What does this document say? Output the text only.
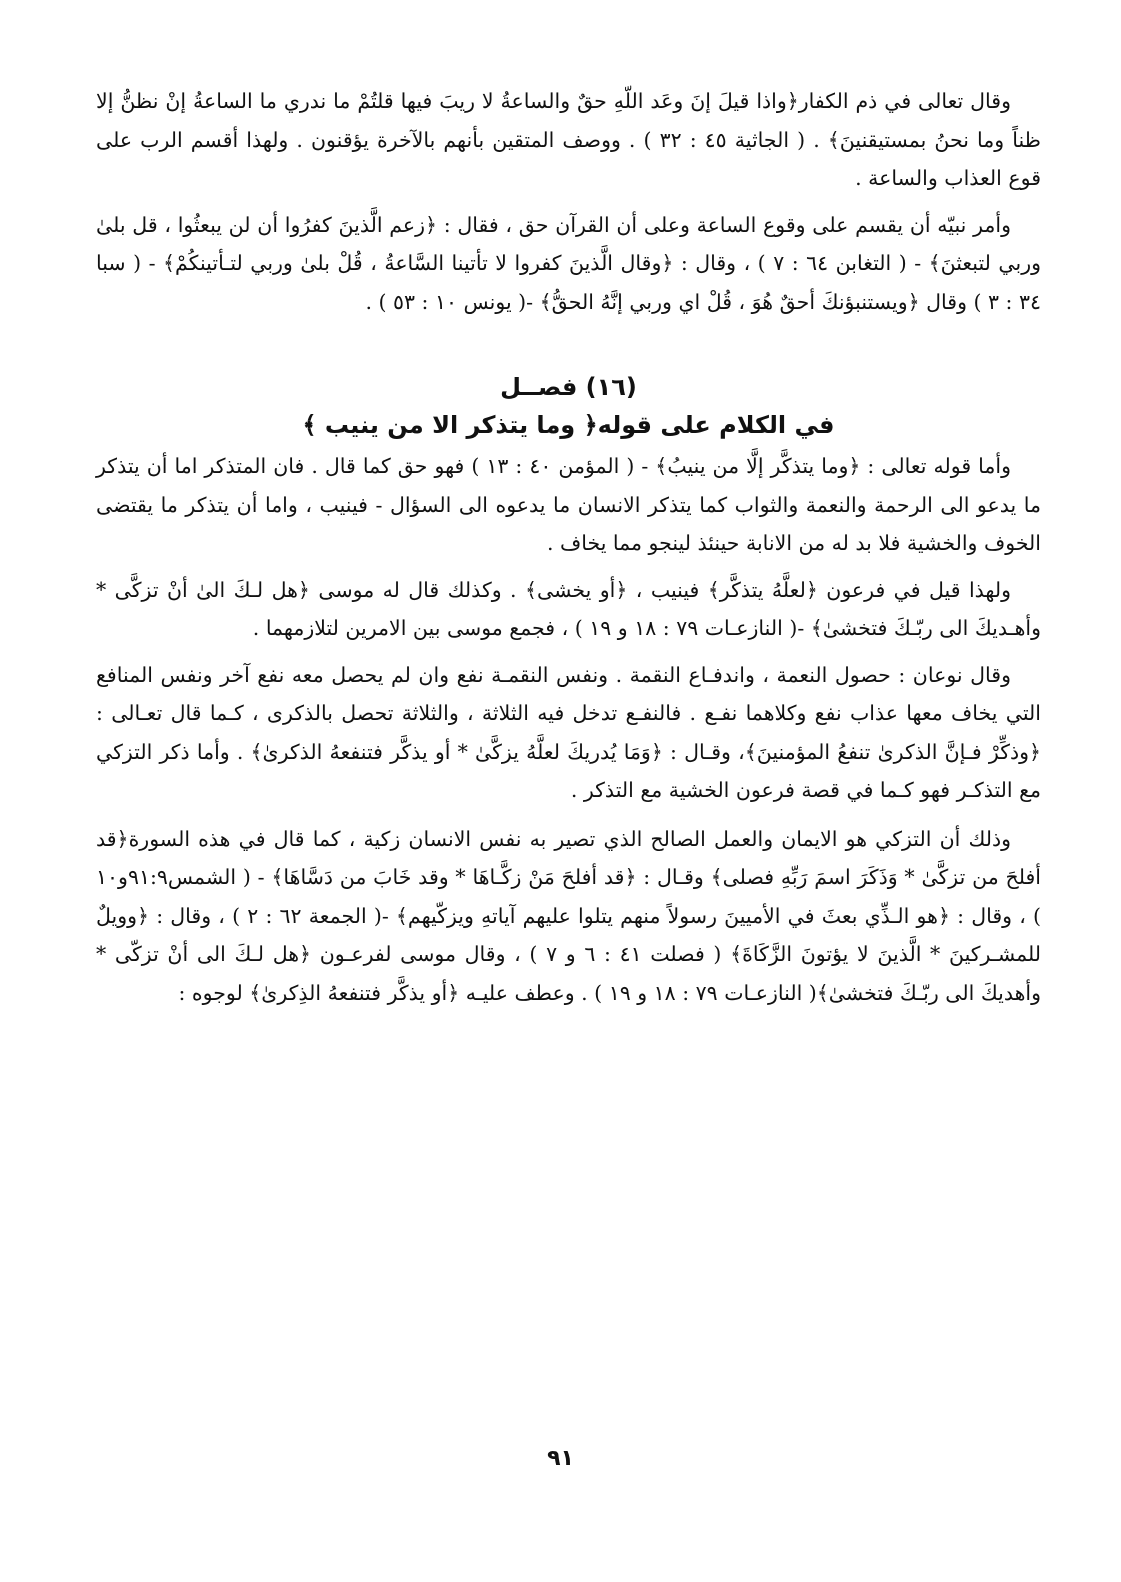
وقال تعالى في ذم الكفار﴿واذا قيلَ إنَ وعَد اللّهِ حقٌ والساعةُ لا ريبَ فيها قلتُمْ ما ندري ما الساعةُ إنْ نظنُّ إلا ظناً وما نحنُ بمستيقنينَ﴾ . ( الجاثية ٤٥ : ٣٢ ) . ووصف المتقين بأنهم بالآخرة يؤقنون . ولهذا أقسم الرب على قوع العذاب والساعة .

وأمر نبيّه أن يقسم على وقوع الساعة وعلى أن القرآن حق ، فقال : ﴿زعم الَّذينَ كفرُوا أن لن يبعثُوا ، قل بلىٰ وربي لتبعثنَ﴾ - ( التغابن ٦٤ : ٧ ) ، وقال : ﴿وقال الَّذينَ كفروا لا تأتينا السَّاعةُ ، قُلْ بلىٰ وربي لتـأتينكُمْ﴾ - ( سبا ٣٤ : ٣ ) وقال ﴿ويستنبؤنكَ أحقٌ هُوَ ، قُلْ اي وربي إنَّهُ الحقُّ﴾ -( يونس ١٠ : ٥٣ ) .

(١٦) فصــل
في الكلام على قوله﴿ وما يتذكر الا من ينيب ﴾

وأما قوله تعالى : ﴿وما يتذكَّر إلَّا من ينيبُ﴾ - ( المؤمن ٤٠ : ١٣ ) فهو حق كما قال . فان المتذكر اما أن يتذكر ما يدعو الى الرحمة والنعمة والثواب كما يتذكر الانسان ما يدعوه الى السؤال - فينيب ، واما أن يتذكر ما يقتضى الخوف والخشية فلا بد له من الانابة حينئذ لينجو مما يخاف .

ولهذا قيل في فرعون ﴿لعلَّهُ يتذكَّر﴾ فينيب ، ﴿أو يخشى﴾ . وكذلك قال له موسى ﴿هل لـكَ الىٰ أنْ تزكَّى * وأهـديكَ الى ربّـكَ فتخشىٰ﴾ -( النازعـات ٧٩ : ١٨ و ١٩ ) ، فجمع موسى بين الامرين لتلازمهما .

وقال نوعان : حصول النعمة ، واندفـاع النقمة . ونفس النقمـة نفع وان لم يحصل معه نفع آخر ونفس المنافع التي يخاف معها عذاب نفع وكلاهما نفـع . فالنفـع تدخل فيه الثلاثة ، والثلاثة تحصل بالذكرى ، كـما قال تعـالى : ﴿وذكِّرْ فـإنَّ الذكرىٰ تنفعُ المؤمنينَ﴾، وقـال : ﴿وَمَا يُدريكَ لعلَّهُ يزكَّىٰ * أو يذكَّر فتنفعهُ الذكرىٰ﴾ . وأما ذكر التزكي مع التذكـر فهو كـما في قصة فرعون الخشية مع التذكر .

وذلك أن التزكي هو الايمان والعمل الصالح الذي تصير به نفس الانسان زكية ، كما قال في هذه السورة﴿قد أفلحَ من تزكَّىٰ * وَذَكَرَ اسمَ رَبِّهِ فصلى﴾ وقـال : ﴿قد أفلحَ مَنْ زكَّـاهَا * وقد خَابَ من دَسَّاهَا﴾ - ( الشمس٩١:٩و١٠ ) ، وقال : ﴿هو الـذِّي بعثَ في الأميينَ رسولاً منهم يتلوا عليهم آياتهِ ويزكّيهم﴾ -( الجمعة ٦٢ : ٢ ) ، وقال : ﴿وويلٌ للمشـركينَ * الَّذينَ لا يؤتونَ الزَّكَاةَ﴾ ( فصلت ٤١ : ٦ و ٧ ) ، وقال موسى لفرعـون ﴿هل لـكَ الى أنْ تزكّى * وأهديكَ الى ربّـكَ فتخشىٰ﴾( النازعـات ٧٩ : ١٨ و ١٩ ) . وعطف عليـه ﴿أو يذكَّر فتنفعهُ الذِكرىٰ﴾ لوجوه :

٩١
